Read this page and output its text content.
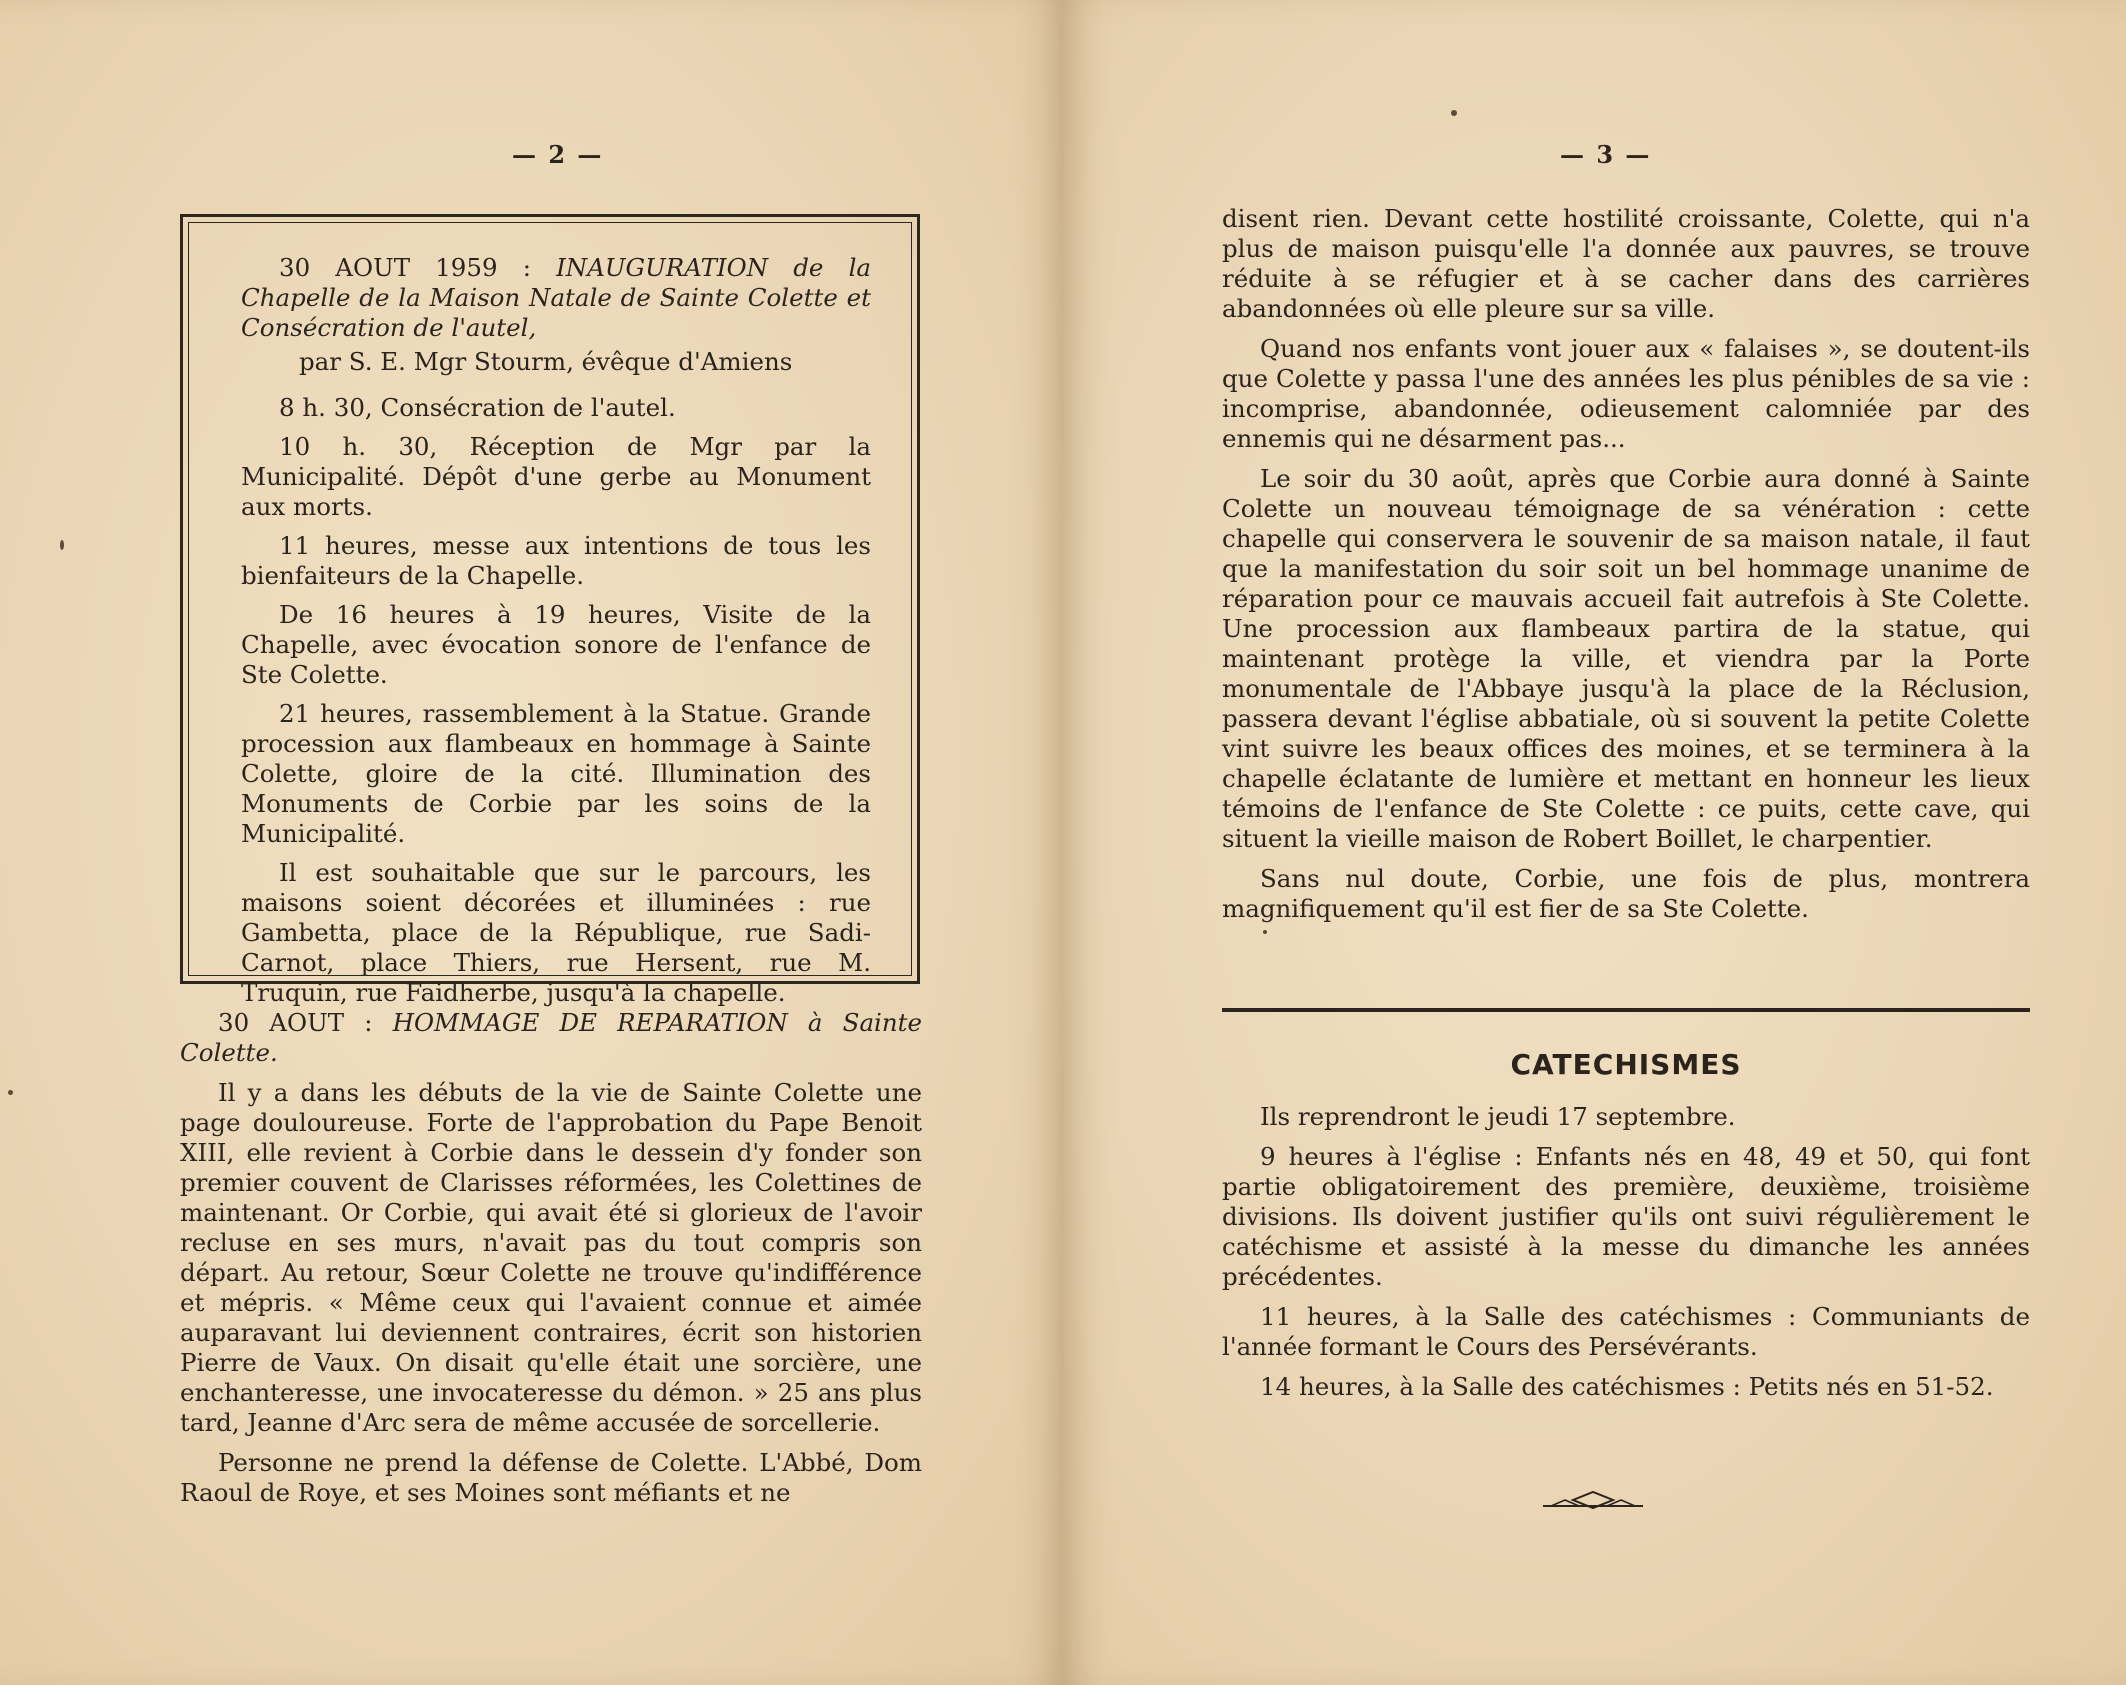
— 2 —

30 AOUT 1959 : INAUGURATION de la Chapelle de la Maison Natale de Sainte Colette et Consécration de l'autel,

par S. E. Mgr Stourm, évêque d'Amiens

8 h. 30, Consécration de l'autel.

10 h. 30, Réception de Mgr par la Municipalité. Dépôt d'une gerbe au Monument aux morts.

11 heures, messe aux intentions de tous les bienfaiteurs de la Chapelle.

De 16 heures à 19 heures, Visite de la Chapelle, avec évocation sonore de l'enfance de Ste Colette.

21 heures, rassemblement à la Statue. Grande procession aux flambeaux en hommage à Sainte Colette, gloire de la cité. Illumination des Monuments de Corbie par les soins de la Municipalité.

Il est souhaitable que sur le parcours, les maisons soient décorées et illuminées : rue Gambetta, place de la République, rue Sadi-Carnot, place Thiers, rue Hersent, rue M. Truquin, rue Faidherbe, jusqu'à la chapelle.

30 AOUT : HOMMAGE DE REPARATION à Sainte Colette.

Il y a dans les débuts de la vie de Sainte Colette une page douloureuse. Forte de l'approbation du Pape Benoit XIII, elle revient à Corbie dans le dessein d'y fonder son premier couvent de Clarisses réformées, les Colettines de maintenant. Or Corbie, qui avait été si glorieux de l'avoir recluse en ses murs, n'avait pas du tout compris son départ. Au retour, Sœur Colette ne trouve qu'indifférence et mépris. « Même ceux qui l'avaient connue et aimée auparavant lui deviennent contraires, écrit son historien Pierre de Vaux. On disait qu'elle était une sorcière, une enchanteresse, une invocateresse du démon. » 25 ans plus tard, Jeanne d'Arc sera de même accusée de sorcellerie.

Personne ne prend la défense de Colette. L'Abbé, Dom Raoul de Roye, et ses Moines sont méfiants et ne

— 3 —

disent rien. Devant cette hostilité croissante, Colette, qui n'a plus de maison puisqu'elle l'a donnée aux pauvres, se trouve réduite à se réfugier et à se cacher dans des carrières abandonnées où elle pleure sur sa ville.

Quand nos enfants vont jouer aux « falaises », se doutent-ils que Colette y passa l'une des années les plus pénibles de sa vie : incomprise, abandonnée, odieusement calomniée par des ennemis qui ne désarment pas...

Le soir du 30 août, après que Corbie aura donné à Sainte Colette un nouveau témoignage de sa vénération : cette chapelle qui conservera le souvenir de sa maison natale, il faut que la manifestation du soir soit un bel hommage unanime de réparation pour ce mauvais accueil fait autrefois à Ste Colette. Une procession aux flambeaux partira de la statue, qui maintenant protège la ville, et viendra par la Porte monumentale de l'Abbaye jusqu'à la place de la Réclusion, passera devant l'église abbatiale, où si souvent la petite Colette vint suivre les beaux offices des moines, et se terminera à la chapelle éclatante de lumière et mettant en honneur les lieux témoins de l'enfance de Ste Colette : ce puits, cette cave, qui situent la vieille maison de Robert Boillet, le charpentier.

Sans nul doute, Corbie, une fois de plus, montrera magnifiquement qu'il est fier de sa Ste Colette.

CATECHISMES

Ils reprendront le jeudi 17 septembre.

9 heures à l'église : Enfants nés en 48, 49 et 50, qui font partie obligatoirement des première, deuxième, troisième divisions. Ils doivent justifier qu'ils ont suivi régulièrement le catéchisme et assisté à la messe du dimanche les années précédentes.

11 heures, à la Salle des catéchismes : Communiants de l'année formant le Cours des Persévérants.

14 heures, à la Salle des catéchismes : Petits nés en 51-52.
